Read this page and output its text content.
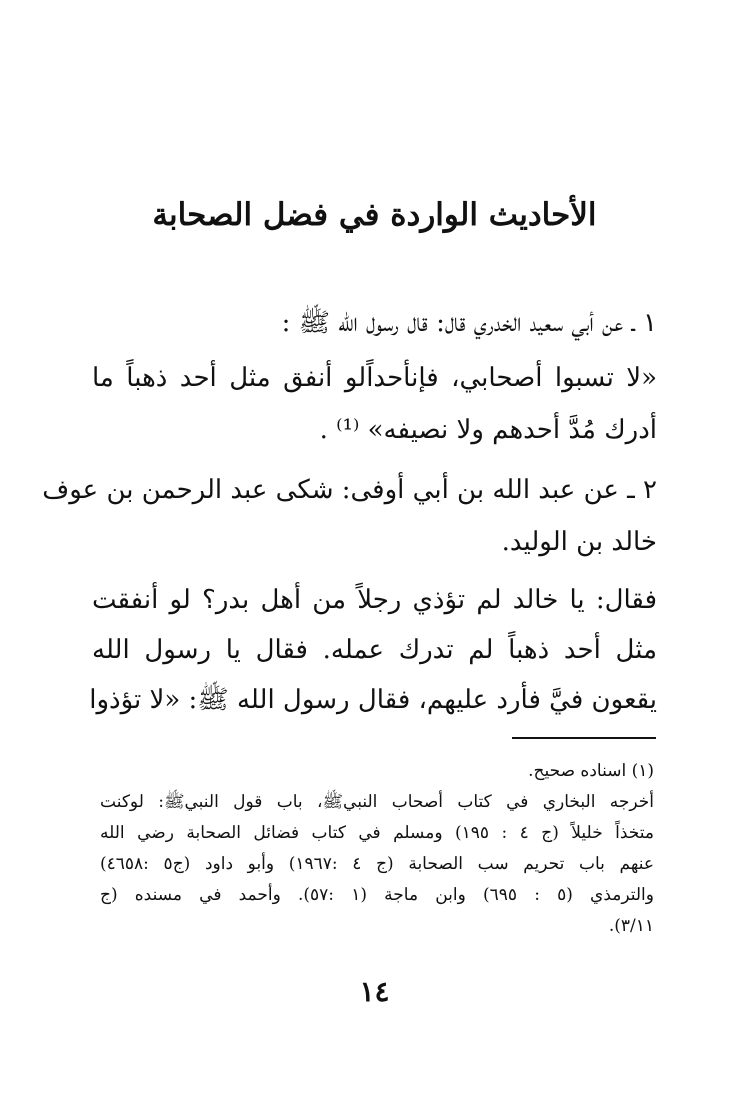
الأحاديث الواردة في فضل الصحابة
١ ـ عن أبي سعيد الخدري قال: قال رسول الله ﷺ :
«لا تسبوا أصحابي، فإنأحداًلو أنفق مثل أحد ذهباً ما
أدرك مُدَّ أحدهم ولا نصيفه» ⁽¹⁾ .
٢ ـ عن عبد الله بن أبي أوفى: شكى عبد الرحمن بن عوف
خالد بن الوليد.
فقال: يا خالد لم تؤذي رجلاً من أهل بدر؟ لو أنفقت
مثل أحد ذهباً لم تدرك عمله. فقال يا رسول الله
يقعون فيَّ فأرد عليهم، فقال رسول الله ﷺ: «لا تؤذوا
(١) اسناده صحيح.
أخرجه البخاري في كتاب أصحاب النبيﷺ، باب قول النبيﷺ: لوكنت
متخذاً خليلاً (ج ٤ : ١٩٥) ومسلم في كتاب فضائل الصحابة رضي الله
عنهم باب تحريم سب الصحابة (ج ٤ :١٩٦٧) وأبو داود (ج٥ :٤٦٥٨)
والترمذي (٥ : ٦٩٥) وابن ماجة (١ :٥٧). وأحمد في مسنده (ج
٣/١١).
١٤
